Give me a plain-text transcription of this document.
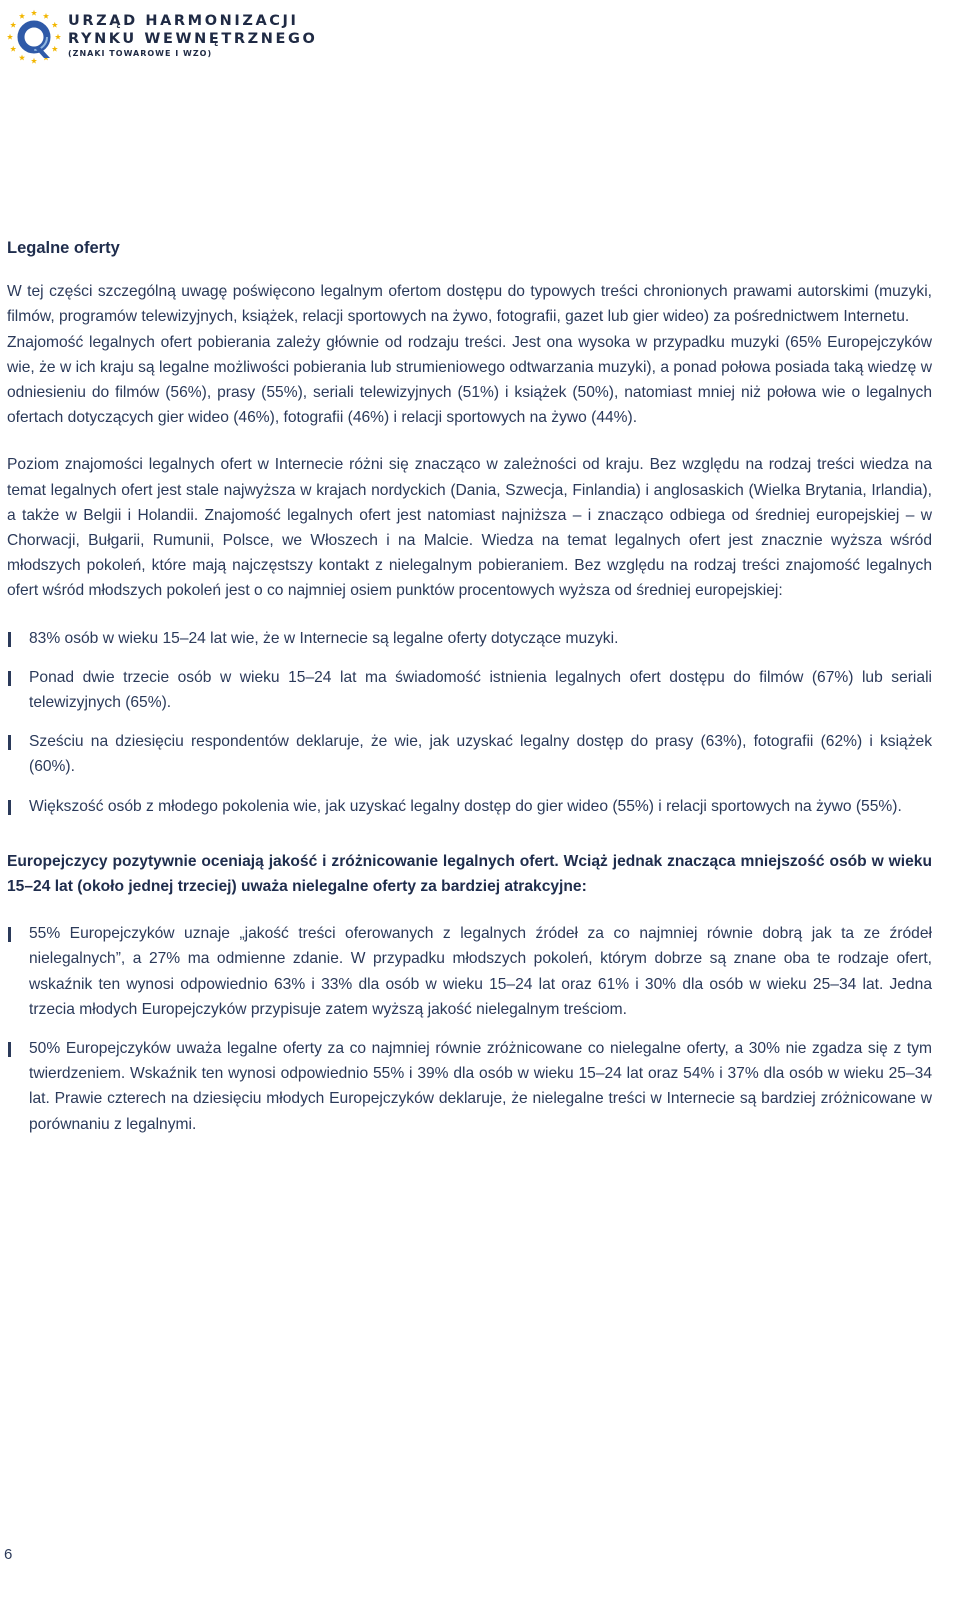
URZĄD HARMONIZACJI
RYNKU WEWNĘTRZNEGO
(ZNAKI TOWAROWE I WZO)
Legalne oferty

W tej części szczególną uwagę poświęcono legalnym ofertom dostępu do typowych treści chronionych prawami autorskimi (muzyki, filmów, programów telewizyjnych, książek, relacji sportowych na żywo, fotografii, gazet lub gier wideo) za pośrednictwem Internetu.

Znajomość legalnych ofert pobierania zależy głównie od rodzaju treści. Jest ona wysoka w przypadku muzyki (65% Europejczyków wie, że w ich kraju są legalne możliwości pobierania lub strumieniowego odtwarzania muzyki), a ponad połowa posiada taką wiedzę w odniesieniu do filmów (56%), prasy (55%), seriali telewizyjnych (51%) i książek (50%), natomiast mniej niż połowa wie o legalnych ofertach dotyczących gier wideo (46%), fotografii (46%) i relacji sportowych na żywo (44%).

Poziom znajomości legalnych ofert w Internecie różni się znacząco w zależności od kraju. Bez względu na rodzaj treści wiedza na temat legalnych ofert jest stale najwyższa w krajach nordyckich (Dania, Szwecja, Finlandia) i anglosaskich (Wielka Brytania, Irlandia), a także w Belgii i Holandii. Znajomość legalnych ofert jest natomiast najniższa – i znacząco odbiega od średniej europejskiej – w Chorwacji, Bułgarii, Rumunii, Polsce, we Włoszech i na Malcie. Wiedza na temat legalnych ofert jest znacznie wyższa wśród młodszych pokoleń, które mają najczęstszy kontakt z nielegalnym pobieraniem. Bez względu na rodzaj treści znajomość legalnych ofert wśród młodszych pokoleń jest o co najmniej osiem punktów procentowych wyższa od średniej europejskiej:

83% osób w wieku 15–24 lat wie, że w Internecie są legalne oferty dotyczące muzyki.
Ponad dwie trzecie osób w wieku 15–24 lat ma świadomość istnienia legalnych ofert dostępu do filmów (67%) lub seriali telewizyjnych (65%).
Sześciu na dziesięciu respondentów deklaruje, że wie, jak uzyskać legalny dostęp do prasy (63%), fotografii (62%) i książek (60%).
Większość osób z młodego pokolenia wie, jak uzyskać legalny dostęp do gier wideo (55%) i relacji sportowych na żywo (55%).

Europejczycy pozytywnie oceniają jakość i zróżnicowanie legalnych ofert. Wciąż jednak znacząca mniejszość osób w wieku 15–24 lat (około jednej trzeciej) uważa nielegalne oferty za bardziej atrakcyjne:

55% Europejczyków uznaje „jakość treści oferowanych z legalnych źródeł za co najmniej równie dobrą jak ta ze źródeł nielegalnych”, a 27% ma odmienne zdanie. W przypadku młodszych pokoleń, którym dobrze są znane oba te rodzaje ofert, wskaźnik ten wynosi odpowiednio 63% i 33% dla osób w wieku 15–24 lat oraz 61% i 30% dla osób w wieku 25–34 lat. Jedna trzecia młodych Europejczyków przypisuje zatem wyższą jakość nielegalnym treściom.
50% Europejczyków uważa legalne oferty za co najmniej równie zróżnicowane co nielegalne oferty, a 30% nie zgadza się z tym twierdzeniem. Wskaźnik ten wynosi odpowiednio 55% i 39% dla osób w wieku 15–24 lat oraz 54% i 37% dla osób w wieku 25–34 lat. Prawie czterech na dziesięciu młodych Europejczyków deklaruje, że nielegalne treści w Internecie są bardziej zróżnicowane w porównaniu z legalnymi.
6
